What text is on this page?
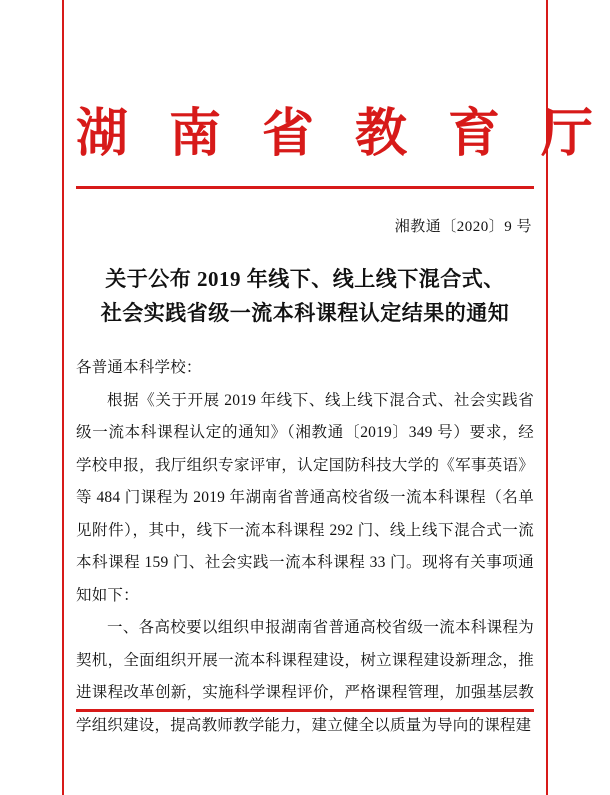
湖 南 省 教 育 厅
湘教通〔2020〕9 号
关于公布 2019 年线下、线上线下混合式、
社会实践省级一流本科课程认定结果的通知

各普通本科学校：

根据《关于开展 2019 年线下、线上线下混合式、社会实践省级一流本科课程认定的通知》（湘教通〔2019〕349 号）要求，经学校申报，我厅组织专家评审，认定国防科技大学的《军事英语》等 484 门课程为 2019 年湖南省普通高校省级一流本科课程（名单见附件），其中，线下一流本科课程 292 门、线上线下混合式一流本科课程 159 门、社会实践一流本科课程 33 门。现将有关事项通知如下：

一、各高校要以组织申报湖南省普通高校省级一流本科课程为契机，全面组织开展一流本科课程建设，树立课程建设新理念，推进课程改革创新，实施科学课程评价，严格课程管理，加强基层教学组织建设，提高教师教学能力，建立健全以质量为导向的课程建
